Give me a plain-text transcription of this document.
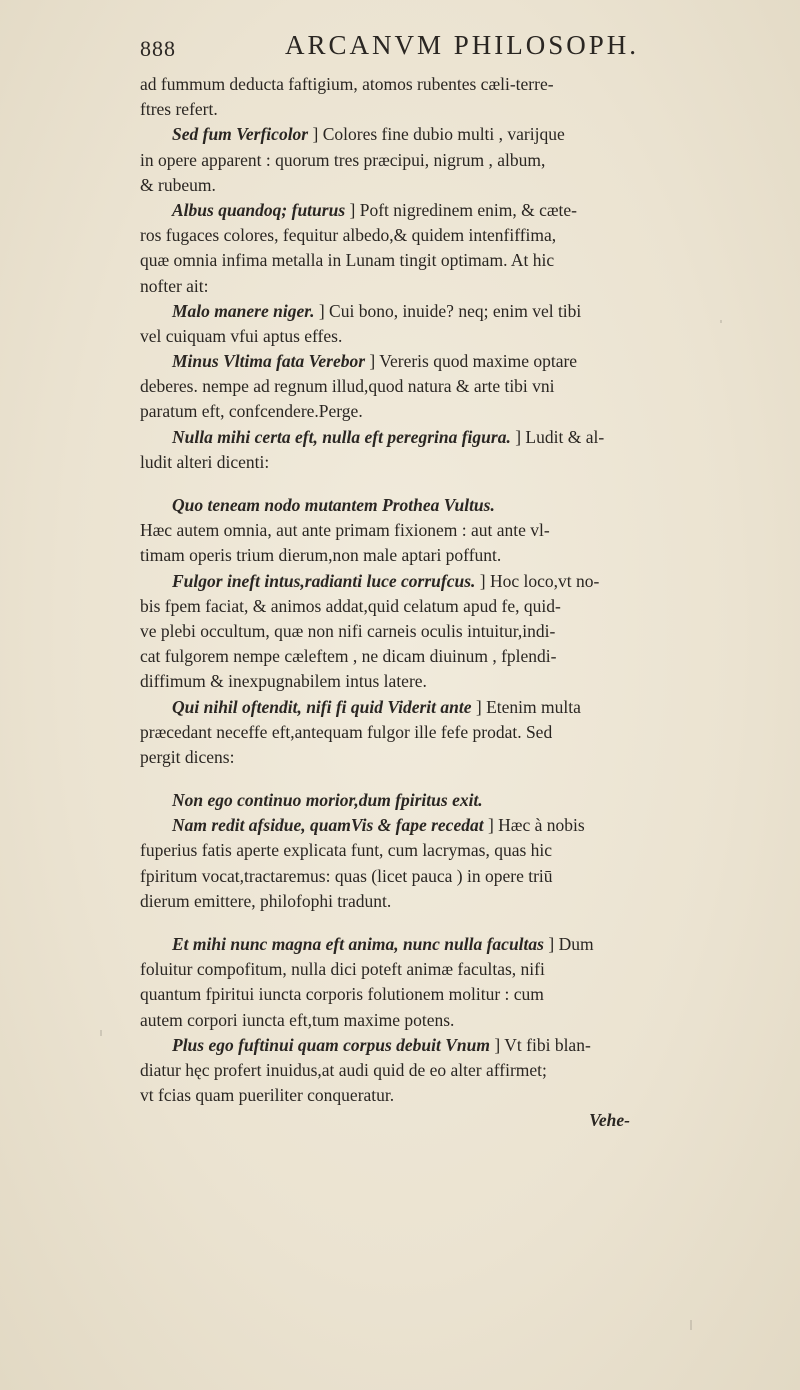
888	ARCANVM PHILOSOPH.
ad fummum deducta faftigium, atomos rubentes cæli-terre-
ftres refert.
Sed fum Verficolor ] Colores fine dubio multi , varijque
in opere apparent : quorum tres præcipui, nigrum , album,
& rubeum.
Albus quandoq; futurus ] Poft nigredinem enim, & cæte-
ros fugaces colores, fequitur albedo,& quidem intenfiffima,
quæ omnia infima metalla in Lunam tingit optimam. At hic
nofter ait:
Malo manere niger. ] Cui bono, inuide? neq; enim vel tibi
vel cuiquam vfui aptus effes.
Minus Vltima fata Verebor ] Vereris quod maxime optare
deberes. nempe ad regnum illud,quod natura & arte tibi vni
paratum eft, confcendere.Perge.
Nulla mihi certa eft, nulla eft peregrina figura. ] Ludit & al-
ludit alteri dicenti:
Quo teneam nodo mutantem Prothea Vultus.
Hæc autem omnia, aut ante primam fixionem : aut ante vl-
timam operis trium dierum,non male aptari poffunt.
Fulgor ineft intus,radianti luce corrufcus. ] Hoc loco,vt no-
bis fpem faciat, & animos addat,quid celatum apud fe, quid-
ve plebi occultum, quæ non nifi carneis oculis intuitur,indi-
cat fulgorem nempe cæleftem , ne dicam diuinum , fplendi-
diffimum & inexpugnabilem intus latere.
Qui nihil oftendit, nifi fi quid Viderit ante ] Etenim multa
præcedant neceffe eft,antequam fulgor ille fefe prodat. Sed
pergit dicens:
Non ego continuo morior,dum fpiritus exit.
Nam redit afsidue, quamVis & fape recedat ] Hæc à nobis
fuperius fatis aperte explicata funt, cum lacrymas, quas hic
fpiritum vocat,tractaremus: quas (licet pauca ) in opere triū
dierum emittere, philofophi tradunt.
Et mihi nunc magna eft anima, nunc nulla facultas ] Dum
foluitur compofitum, nulla dici poteft animæ facultas, nifi
quantum fpiritui iuncta corporis folutionem molitur : cum
autem corpori iuncta eft,tum maxime potens.
Plus ego fuftinui quam corpus debuit Vnum ] Vt fibi blan-
diatur hęc profert inuidus,at audi quid de eo alter affirmet;
vt fcias quam pueriliter conqueratur.
Vehe-
